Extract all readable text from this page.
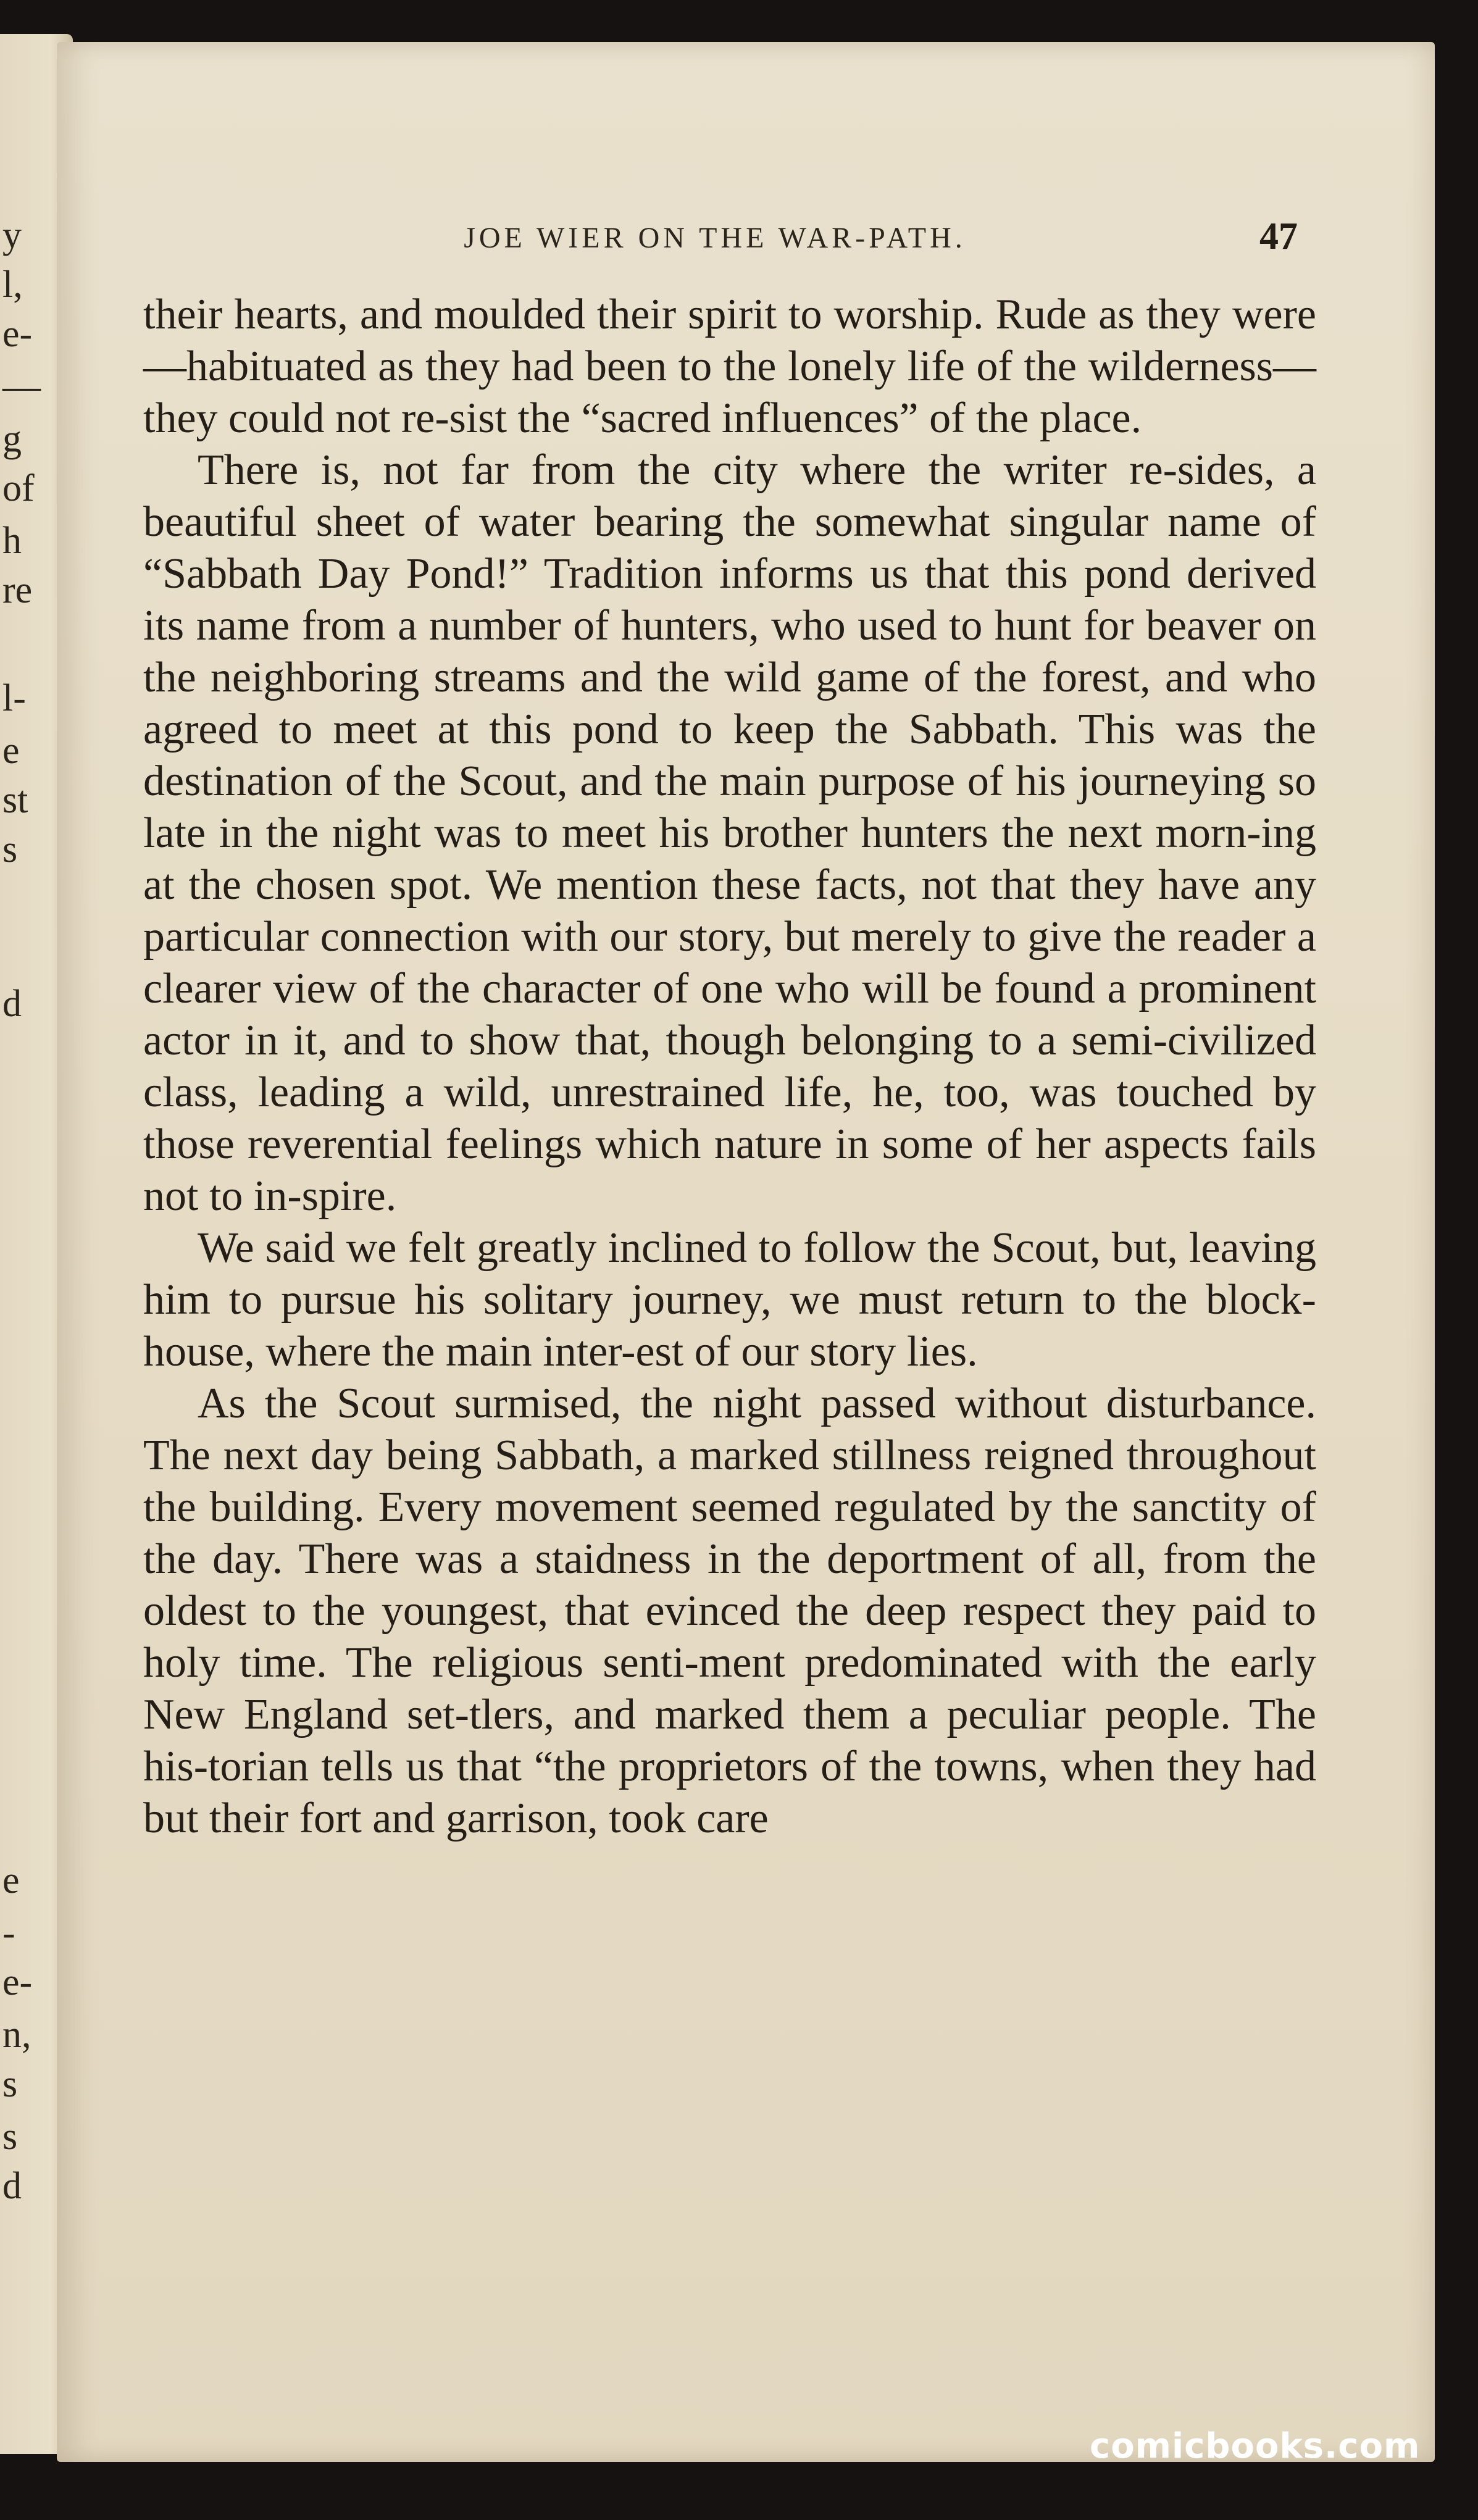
y
l,
e-
—
g
of
h
re
l-
e
st
s
d
e
-
e-
n,
s
s
d
JOE WIER ON THE WAR-PATH.	47

their hearts, and moulded their spirit to worship. Rude as they were—habituated as they had been to the lonely life of the wilderness—they could not re-sist the “sacred influences” of the place.

There is, not far from the city where the writer re-sides, a beautiful sheet of water bearing the somewhat singular name of “Sabbath Day Pond!” Tradition informs us that this pond derived its name from a number of hunters, who used to hunt for beaver on the neighboring streams and the wild game of the forest, and who agreed to meet at this pond to keep the Sabbath. This was the destination of the Scout, and the main purpose of his journeying so late in the night was to meet his brother hunters the next morn-ing at the chosen spot. We mention these facts, not that they have any particular connection with our story, but merely to give the reader a clearer view of the character of one who will be found a prominent actor in it, and to show that, though belonging to a semi-civilized class, leading a wild, unrestrained life, he, too, was touched by those reverential feelings which nature in some of her aspects fails not to in-spire.

We said we felt greatly inclined to follow the Scout, but, leaving him to pursue his solitary journey, we must return to the block-house, where the main inter-est of our story lies.

As the Scout surmised, the night passed without disturbance. The next day being Sabbath, a marked stillness reigned throughout the building. Every movement seemed regulated by the sanctity of the day. There was a staidness in the deportment of all, from the oldest to the youngest, that evinced the deep respect they paid to holy time. The religious senti-ment predominated with the early New England set-tlers, and marked them a peculiar people. The his-torian tells us that “the proprietors of the towns, when they had but their fort and garrison, took care

comicbooks.com
